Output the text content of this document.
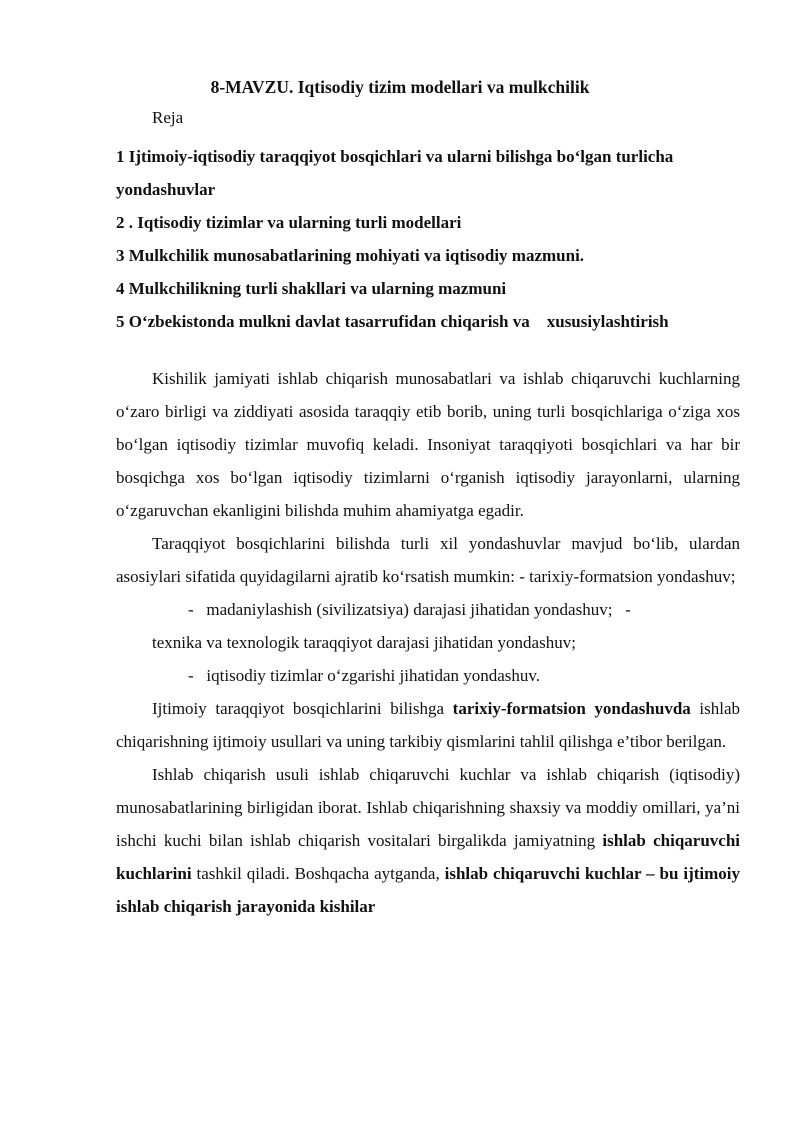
8-MAVZU. Iqtisodiy tizim modellari va mulkchilik
Reja
1 Ijtimoiy-iqtisodiy taraqqiyot bosqichlari va ularni bilishga bo‘lgan turlicha yondashuvlar
2 . Iqtisodiy tizimlar va ularning turli modellari
3 Mulkchilik munosabatlarining mohiyati va iqtisodiy mazmuni.
4 Mulkchilikning turli shakllari va ularning mazmuni
5 O‘zbekistonda mulkni davlat tasarrufidan chiqarish va    xususiylashtirish

Kishilik jamiyati ishlab chiqarish munosabatlari va ishlab chiqaruvchi kuchlarning o‘zaro birligi va ziddiyati asosida taraqqiy etib borib, uning turli bosqichlariga o‘ziga xos bo‘lgan iqtisodiy tizimlar muvofiq keladi. Insoniyat taraqqiyoti bosqichlari va har bir bosqichga xos bo‘lgan iqtisodiy tizimlarni o‘rganish iqtisodiy jarayonlarni, ularning o‘zgaruvchan ekanligini bilishda muhim ahamiyatga egadir.

Taraqqiyot bosqichlarini bilishda turli xil yondashuvlar mavjud bo‘lib, ulardan asosiylari sifatida quyidagilarni ajratib ko‘rsatish mumkin: - tarixiy-formatsion yondashuv;

-   madaniylashish (sivilizatsiya) darajasi jihatidan yondashuv;   -

texnika va texnologik taraqqiyot darajasi jihatidan yondashuv;

-   iqtisodiy tizimlar o‘zgarishi jihatidan yondashuv.

Ijtimoiy taraqqiyot bosqichlarini bilishga tarixiy-formatsion yondashuvda ishlab chiqarishning ijtimoiy usullari va uning tarkibiy qismlarini tahlil qilishga e’tibor berilgan.

Ishlab chiqarish usuli ishlab chiqaruvchi kuchlar va ishlab chiqarish (iqtisodiy) munosabatlarining birligidan iborat. Ishlab chiqarishning shaxsiy va moddiy omillari, ya’ni ishchi kuchi bilan ishlab chiqarish vositalari birgalikda jamiyatning ishlab chiqaruvchi kuchlarini tashkil qiladi. Boshqacha aytganda, ishlab chiqaruvchi kuchlar – bu ijtimoiy ishlab chiqarish jarayonida kishilar
